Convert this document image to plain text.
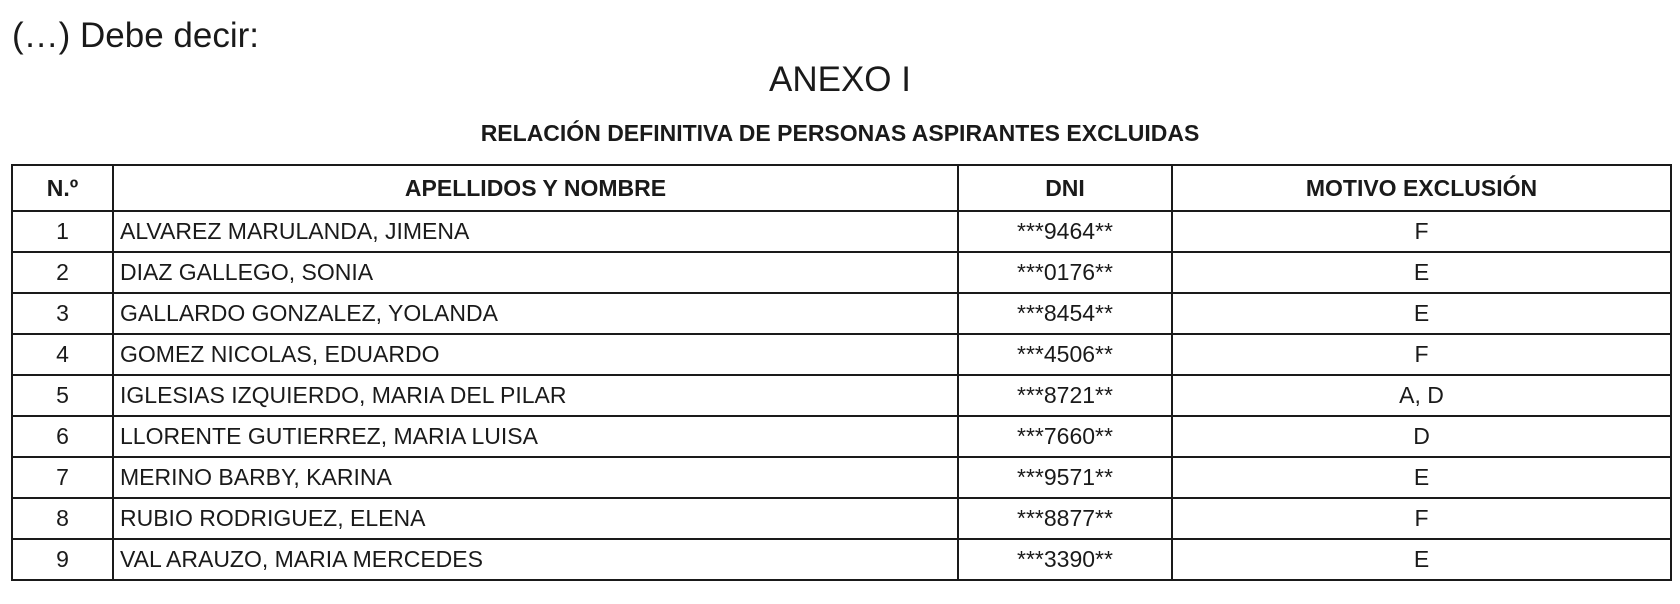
(…) Debe decir:

ANEXO I
RELACIÓN DEFINITIVA DE PERSONAS ASPIRANTES EXCLUIDAS
N.º	APELLIDOS Y NOMBRE	DNI	MOTIVO EXCLUSIÓN
1	ALVAREZ MARULANDA, JIMENA	***9464**	F
2	DIAZ GALLEGO, SONIA	***0176**	E
3	GALLARDO GONZALEZ, YOLANDA	***8454**	E
4	GOMEZ NICOLAS, EDUARDO	***4506**	F
5	IGLESIAS IZQUIERDO, MARIA DEL PILAR	***8721**	A, D
6	LLORENTE GUTIERREZ, MARIA LUISA	***7660**	D
7	MERINO BARBY, KARINA	***9571**	E
8	RUBIO RODRIGUEZ, ELENA	***8877**	F
9	VAL ARAUZO, MARIA MERCEDES	***3390**	E
